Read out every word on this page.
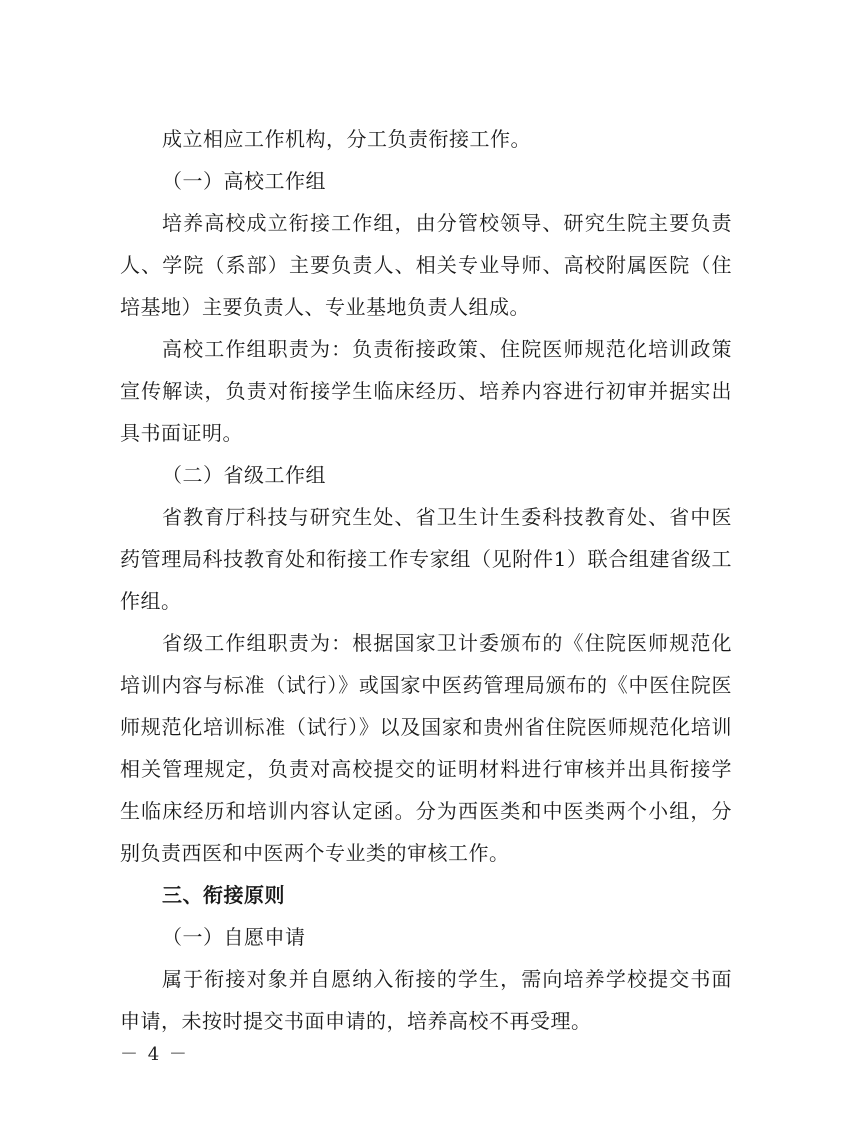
成立相应工作机构，分工负责衔接工作。

（一）高校工作组

培养高校成立衔接工作组，由分管校领导、研究生院主要负责人、学院（系部）主要负责人、相关专业导师、高校附属医院（住培基地）主要负责人、专业基地负责人组成。

高校工作组职责为：负责衔接政策、住院医师规范化培训政策宣传解读，负责对衔接学生临床经历、培养内容进行初审并据实出具书面证明。

（二）省级工作组

省教育厅科技与研究生处、省卫生计生委科技教育处、省中医药管理局科技教育处和衔接工作专家组（见附件1）联合组建省级工作组。

省级工作组职责为：根据国家卫计委颁布的《住院医师规范化培训内容与标准（试行）》或国家中医药管理局颁布的《中医住院医师规范化培训标准（试行）》以及国家和贵州省住院医师规范化培训相关管理规定，负责对高校提交的证明材料进行审核并出具衔接学生临床经历和培训内容认定函。分为西医类和中医类两个小组，分别负责西医和中医两个专业类的审核工作。

三、衔接原则

（一）自愿申请

属于衔接对象并自愿纳入衔接的学生，需向培养学校提交书面申请，未按时提交书面申请的，培养高校不再受理。

－ 4 －
